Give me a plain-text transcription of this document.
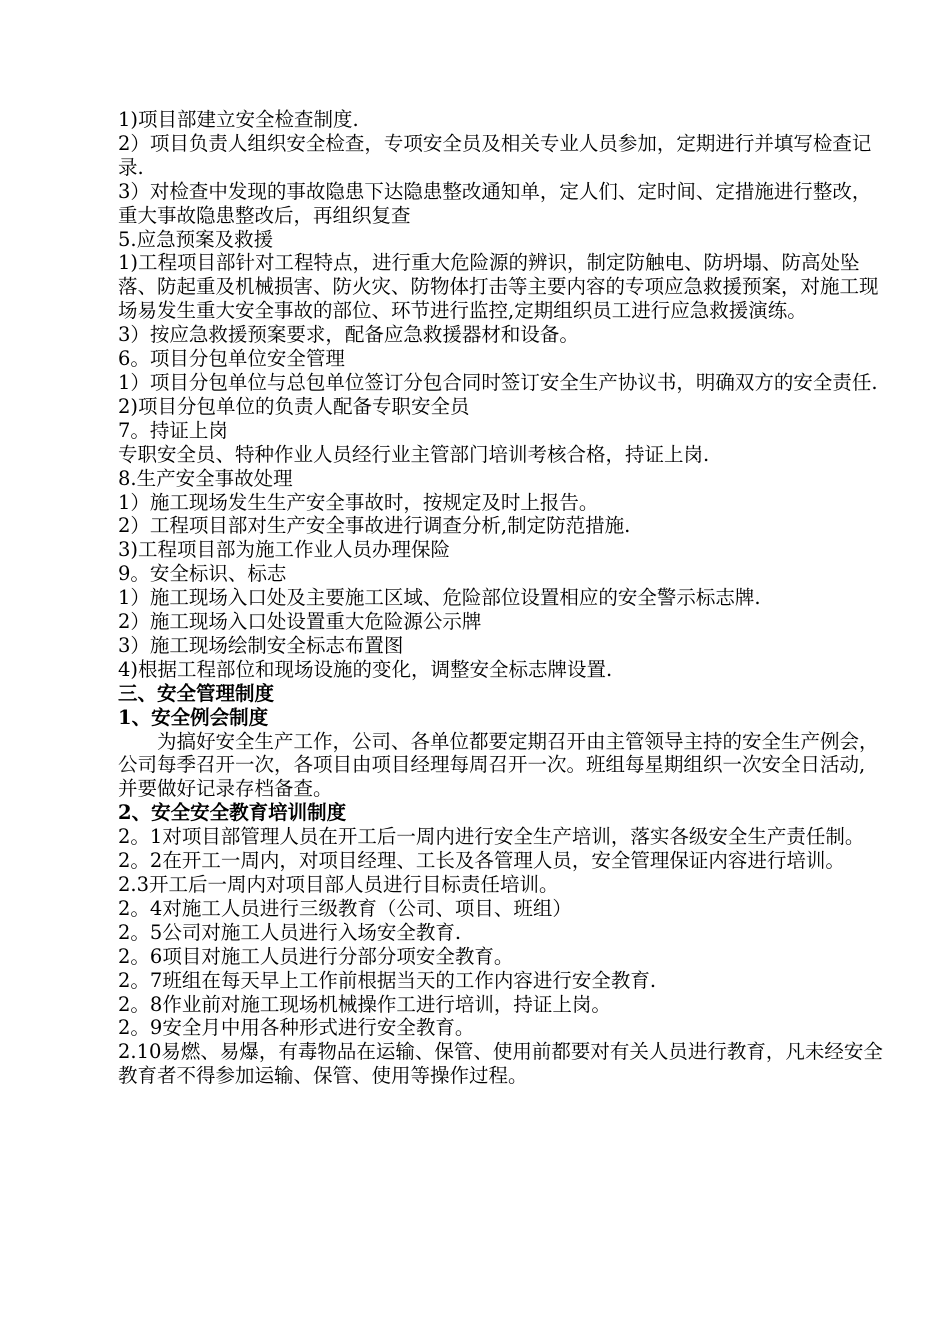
1)项目部建立安全检查制度.

2）项目负责人组织安全检查，专项安全员及相关专业人员参加，定期进行并填写检查记录.

3）对检查中发现的事故隐患下达隐患整改通知单，定人们、定时间、定措施进行整改，重大事故隐患整改后，再组织复查

5.应急预案及救援

1)工程项目部针对工程特点，进行重大危险源的辨识，制定防触电、防坍塌、防高处坠落、防起重及机械损害、防火灾、防物体打击等主要内容的专项应急救援预案，对施工现场易发生重大安全事故的部位、环节进行监控,定期组织员工进行应急救援演练。

3）按应急救援预案要求，配备应急救援器材和设备。

6。项目分包单位安全管理

1）项目分包单位与总包单位签订分包合同时签订安全生产协议书，明确双方的安全责任.

2)项目分包单位的负责人配备专职安全员

7。持证上岗

专职安全员、特种作业人员经行业主管部门培训考核合格，持证上岗.

8.生产安全事故处理

1）施工现场发生生产安全事故时，按规定及时上报告。

2）工程项目部对生产安全事故进行调查分析,制定防范措施.

3)工程项目部为施工作业人员办理保险

9。安全标识、标志

1）施工现场入口处及主要施工区域、危险部位设置相应的安全警示标志牌.

2）施工现场入口处设置重大危险源公示牌

3）施工现场绘制安全标志布置图

4)根据工程部位和现场设施的变化，调整安全标志牌设置.

三、安全管理制度

1、安全例会制度

为搞好安全生产工作，公司、各单位都要定期召开由主管领导主持的安全生产例会，公司每季召开一次，各项目由项目经理每周召开一次。班组每星期组织一次安全日活动,并要做好记录存档备查。

2、安全安全教育培训制度

2。1对项目部管理人员在开工后一周内进行安全生产培训，落实各级安全生产责任制。

2。2在开工一周内，对项目经理、工长及各管理人员，安全管理保证内容进行培训。

2.3开工后一周内对项目部人员进行目标责任培训。

2。4对施工人员进行三级教育（公司、项目、班组）

2。5公司对施工人员进行入场安全教育.

2。6项目对施工人员进行分部分项安全教育。

2。7班组在每天早上工作前根据当天的工作内容进行安全教育.

2。8作业前对施工现场机械操作工进行培训，持证上岗。

2。9安全月中用各种形式进行安全教育。

2.10易燃、易爆，有毒物品在运输、保管、使用前都要对有关人员进行教育，凡未经安全教育者不得参加运输、保管、使用等操作过程。
